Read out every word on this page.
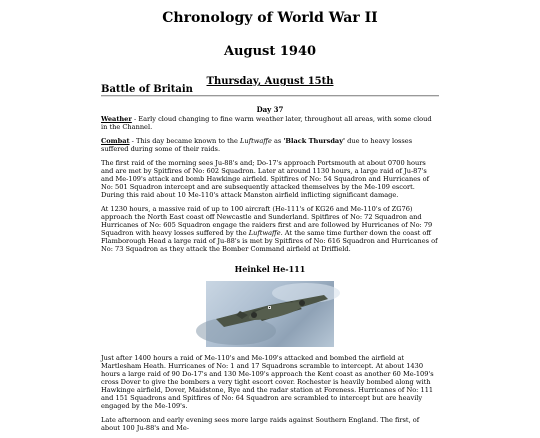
Chronology of World War II
August 1940
Thursday, August 15th
Battle of Britain
Day 37

Weather - Early cloud changing to fine warm weather later, throughout all areas, with some cloud in the Channel.

Combat - This day became known to the Luftwaffe as 'Black Thursday' due to heavy losses suffered during some of their raids.

The first raid of the morning sees Ju-88's and; Do-17's approach Portsmouth at about 0700 hours and are met by Spitfires of No: 602 Squadron. Later at around 1130 hours, a large raid of Ju-87's and Me-109's attack and bomb Hawkinge airfield. Spitfires of No: 54 Squadron and Hurricanes of No: 501 Squadron intercept and are subsequently attacked themselves by the Me-109 escort. During this raid about 10 Me-110's attack Manston airfield inflicting significant damage.

At 1230 hours, a massive raid of up to 100 aircraft (He-111's of KG26 and Me-110's of ZG76) approach the North East coast off Newcastle and Sunderland. Spitfires of No: 72 Squadron and Hurricanes of No: 605 Squadron engage the raiders first and are followed by Hurricanes of No: 79 Squadron with heavy losses suffered by the Luftwaffe. At the same time further down the coast off Flamborough Head a large raid of Ju-88's is met by Spitfires of No: 616 Squadron and Hurricanes of No: 73 Squadron as they attack the Bomber Command airfield at Driffield.

Heinkel He-111

Just after 1400 hours a raid of Me-110's and Me-109's attacked and bombed the airfield at Martlesham Heath. Hurricanes of No: 1 and 17 Squadrons scramble to intercept. At about 1430 hours a large raid of 90 Do-17's and 130 Me-109's approach the Kent coast as another 60 Me-109's cross Dover to give the bombers a very tight escort cover. Rochester is heavily bombed along with Hawkinge airfield, Dover, Maidstone, Rye and the radar station at Foreness. Hurricanes of No: 111 and 151 Squadrons and Spitfires of No: 64 Squadron are scrambled to intercept but are heavily engaged by the Me-109's.

Late afternoon and early evening sees more large raids against Southern England. The first, of about 100 Ju-88's and Me-
